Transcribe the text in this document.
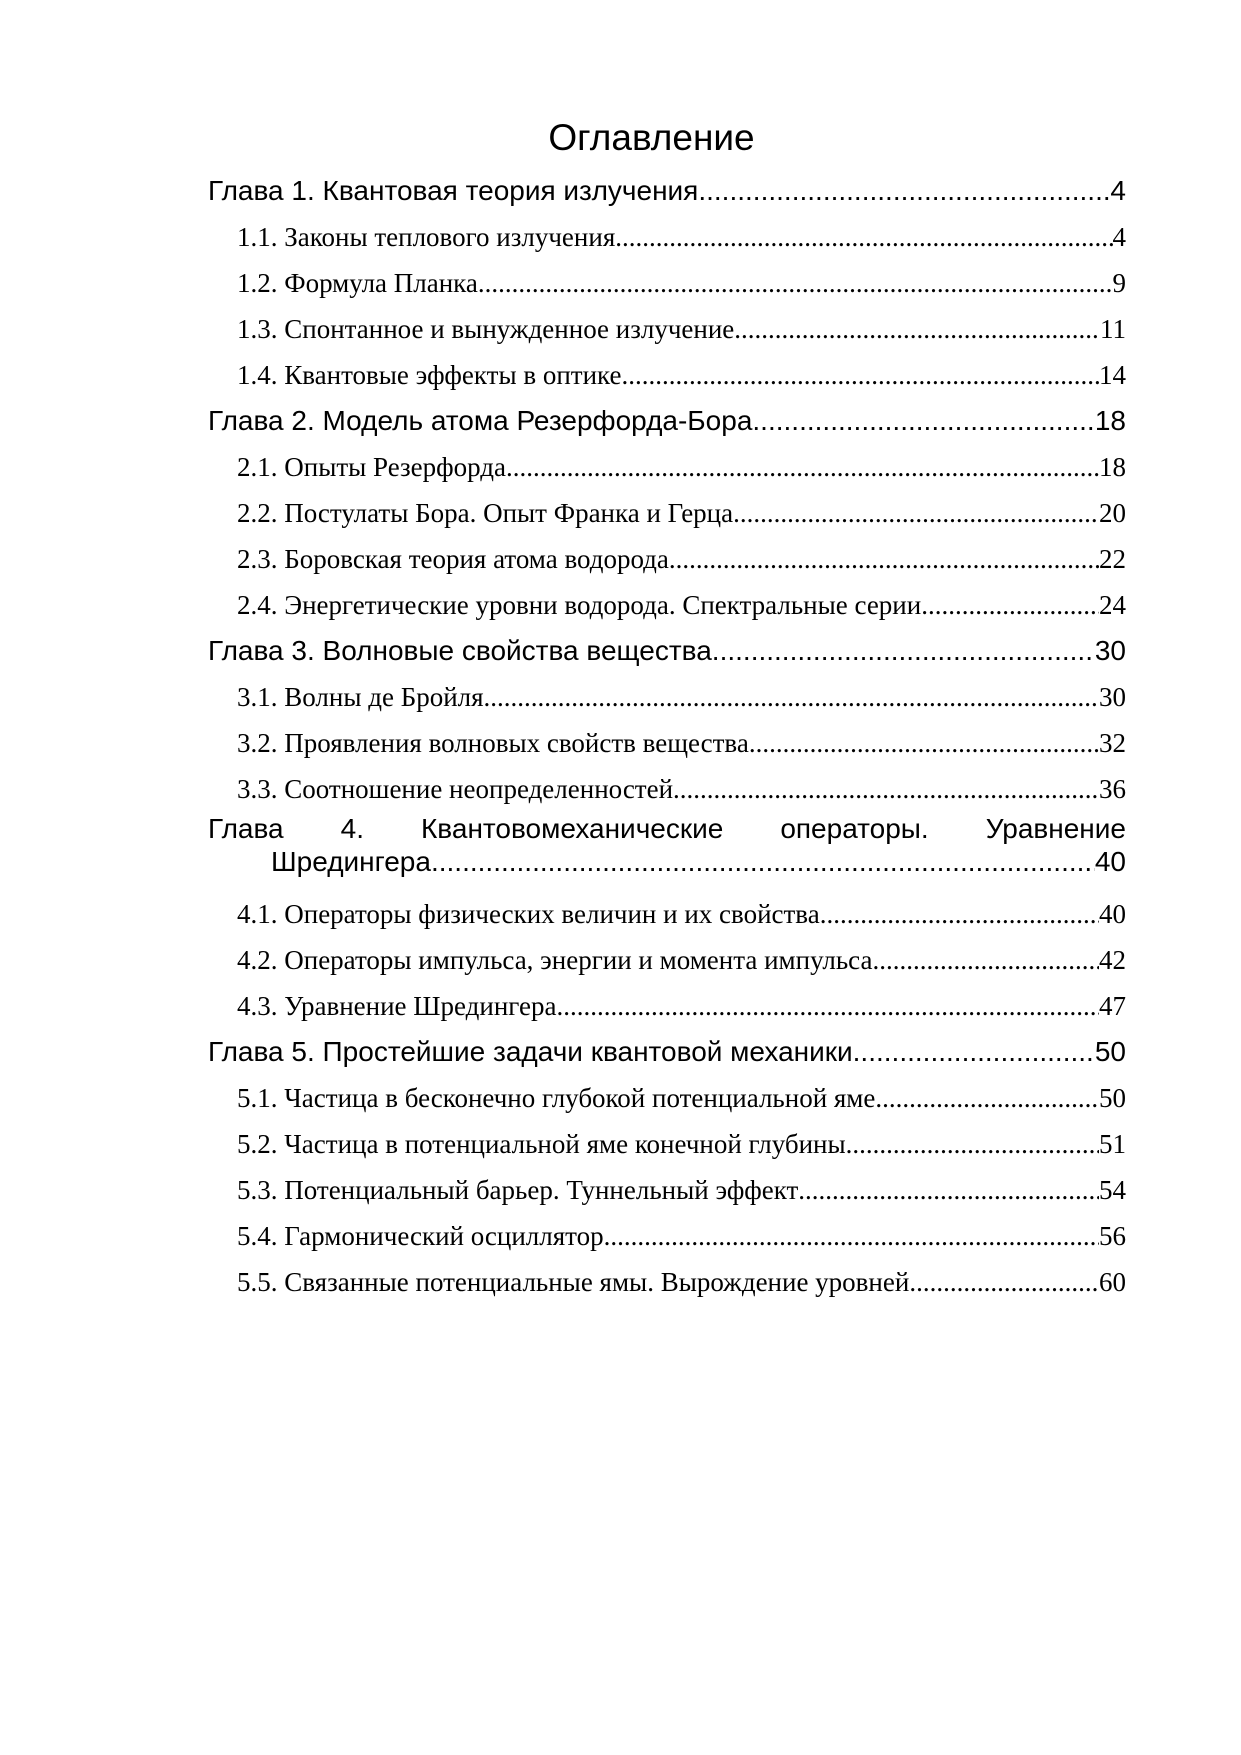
Оглавление
Глава 1. Квантовая теория излучения .....	4
1.1. Законы теплового излучения .....	4
1.2. Формула Планка .....	9
1.3. Спонтанное и вынужденное излучение .....	11
1.4. Квантовые эффекты в оптике .....	14
Глава 2. Модель атома Резерфорда-Бора .....	18
2.1. Опыты Резерфорда .....	18
2.2. Постулаты Бора. Опыт Франка и Герца .....	20
2.3. Боровская теория атома водорода .....	22
2.4. Энергетические уровни водорода. Спектральные серии .....	24
Глава 3. Волновые свойства вещества .....	30
3.1. Волны де Бройля .....	30
3.2. Проявления волновых свойств вещества .....	32
3.3. Соотношение неопределенностей .....	36
Глава 4. Квантовомеханические операторы. Уравнение
Шредингера .....	40
4.1. Операторы физических величин и их свойства .....	40
4.2. Операторы импульса, энергии и момента импульса .....	42
4.3. Уравнение Шредингера .....	47
Глава 5. Простейшие задачи квантовой механики .....	50
5.1. Частица в бесконечно глубокой потенциальной яме .....	50
5.2. Частица в потенциальной яме конечной глубины .....	51
5.3. Потенциальный барьер. Туннельный эффект .....	54
5.4. Гармонический осциллятор .....	56
5.5. Связанные потенциальные ямы. Вырождение уровней .....	60
